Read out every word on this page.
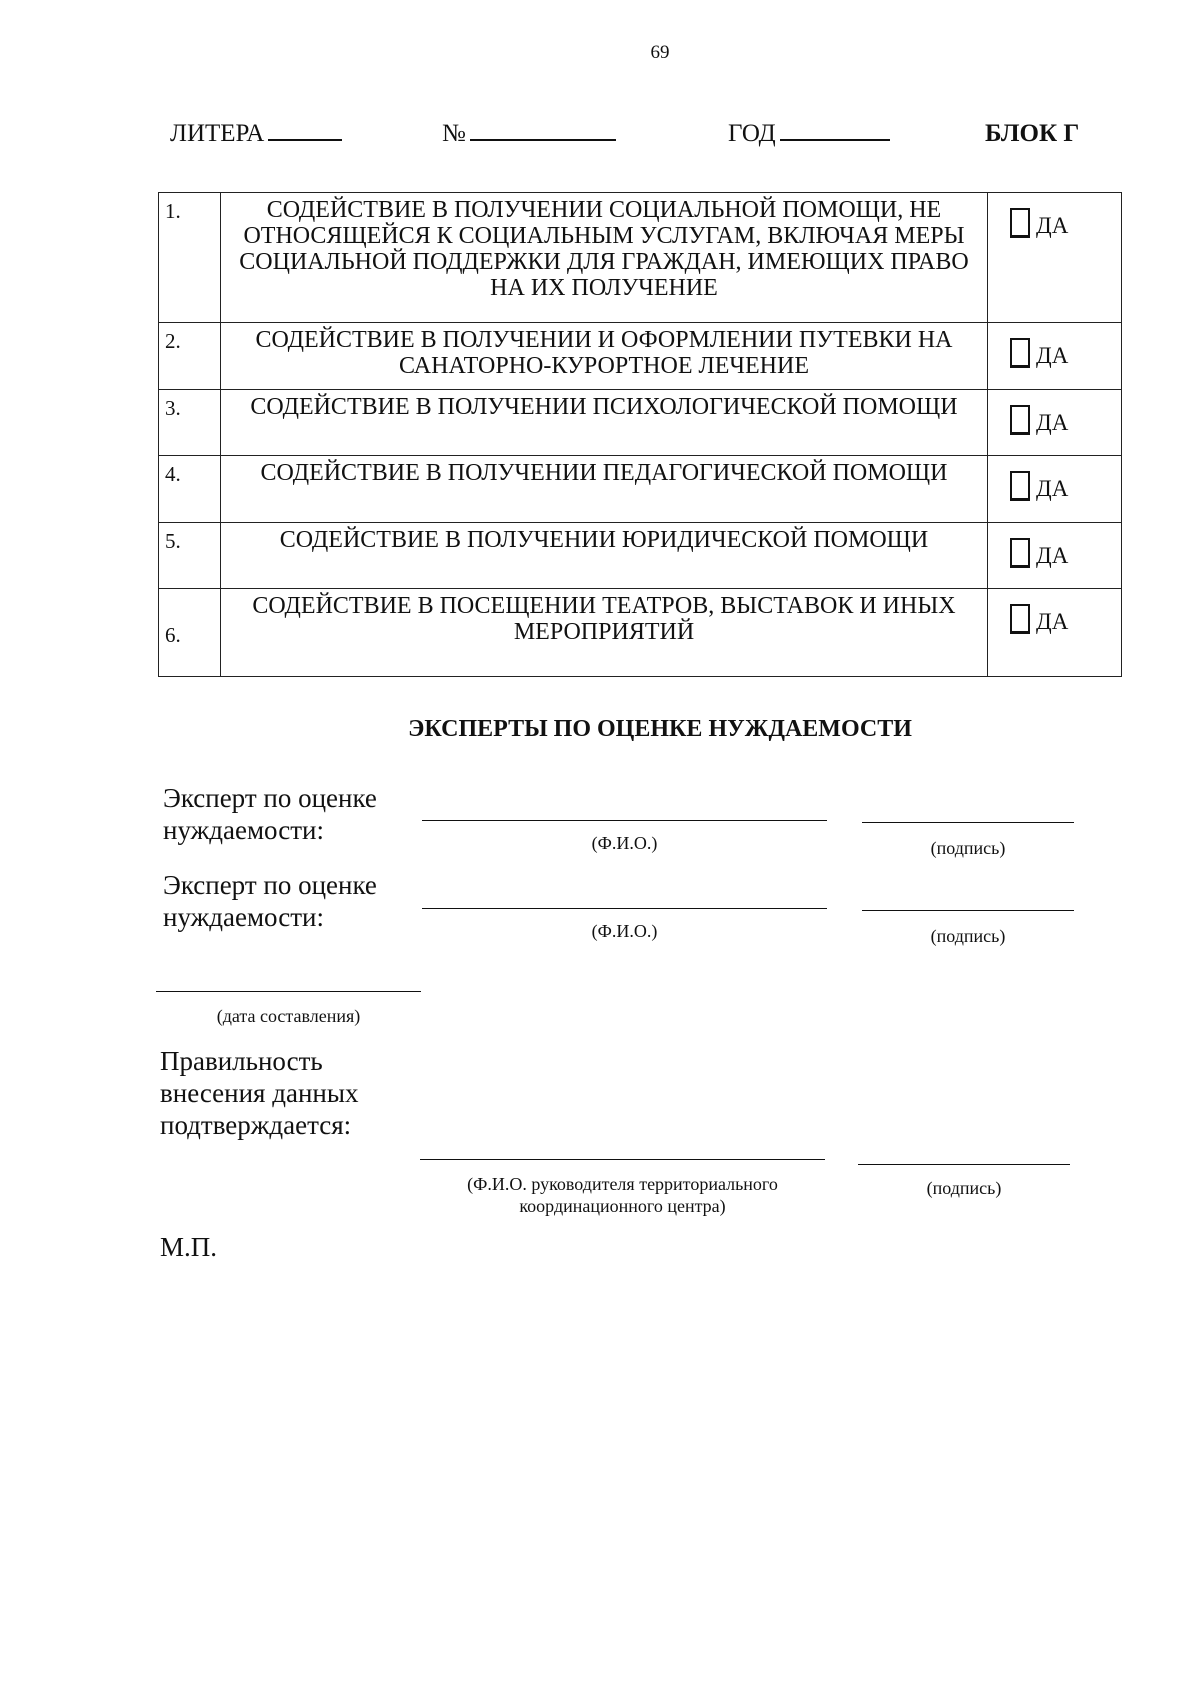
69
ЛИТЕРА	№	ГОД	БЛОК Г
1.	СОДЕЙСТВИЕ В ПОЛУЧЕНИИ СОЦИАЛЬНОЙ ПОМОЩИ, НЕ ОТНОСЯЩЕЙСЯ К СОЦИАЛЬНЫМ УСЛУГАМ, ВКЛЮЧАЯ МЕРЫ СОЦИАЛЬНОЙ ПОДДЕРЖКИ ДЛЯ ГРАЖДАН, ИМЕЮЩИХ ПРАВО НА ИХ ПОЛУЧЕНИЕ	ДА

2.	СОДЕЙСТВИЕ В ПОЛУЧЕНИИ И ОФОРМЛЕНИИ ПУТЕВКИ НА САНАТОРНО-КУРОРТНОЕ ЛЕЧЕНИЕ	ДА

3.	СОДЕЙСТВИЕ В ПОЛУЧЕНИИ ПСИХОЛОГИЧЕСКОЙ ПОМОЩИ	ДА

4.	СОДЕЙСТВИЕ В ПОЛУЧЕНИИ ПЕДАГОГИЧЕСКОЙ ПОМОЩИ	ДА

5.	СОДЕЙСТВИЕ В ПОЛУЧЕНИИ ЮРИДИЧЕСКОЙ ПОМОЩИ	ДА

6.	СОДЕЙСТВИЕ В ПОСЕЩЕНИИ ТЕАТРОВ, ВЫСТАВОК И ИНЫХ МЕРОПРИЯТИЙ	ДА
ЭКСПЕРТЫ ПО ОЦЕНКЕ НУЖДАЕМОСТИ
Эксперт по оценке
нуждаемости:	(Ф.И.О.)	(подпись)
Эксперт по оценке
нуждаемости:	(Ф.И.О.)	(подпись)
(дата составления)
Правильность
внесения данных
подтверждается:
(Ф.И.О. руководителя территориального
координационного центра)
(подпись)
М.П.
